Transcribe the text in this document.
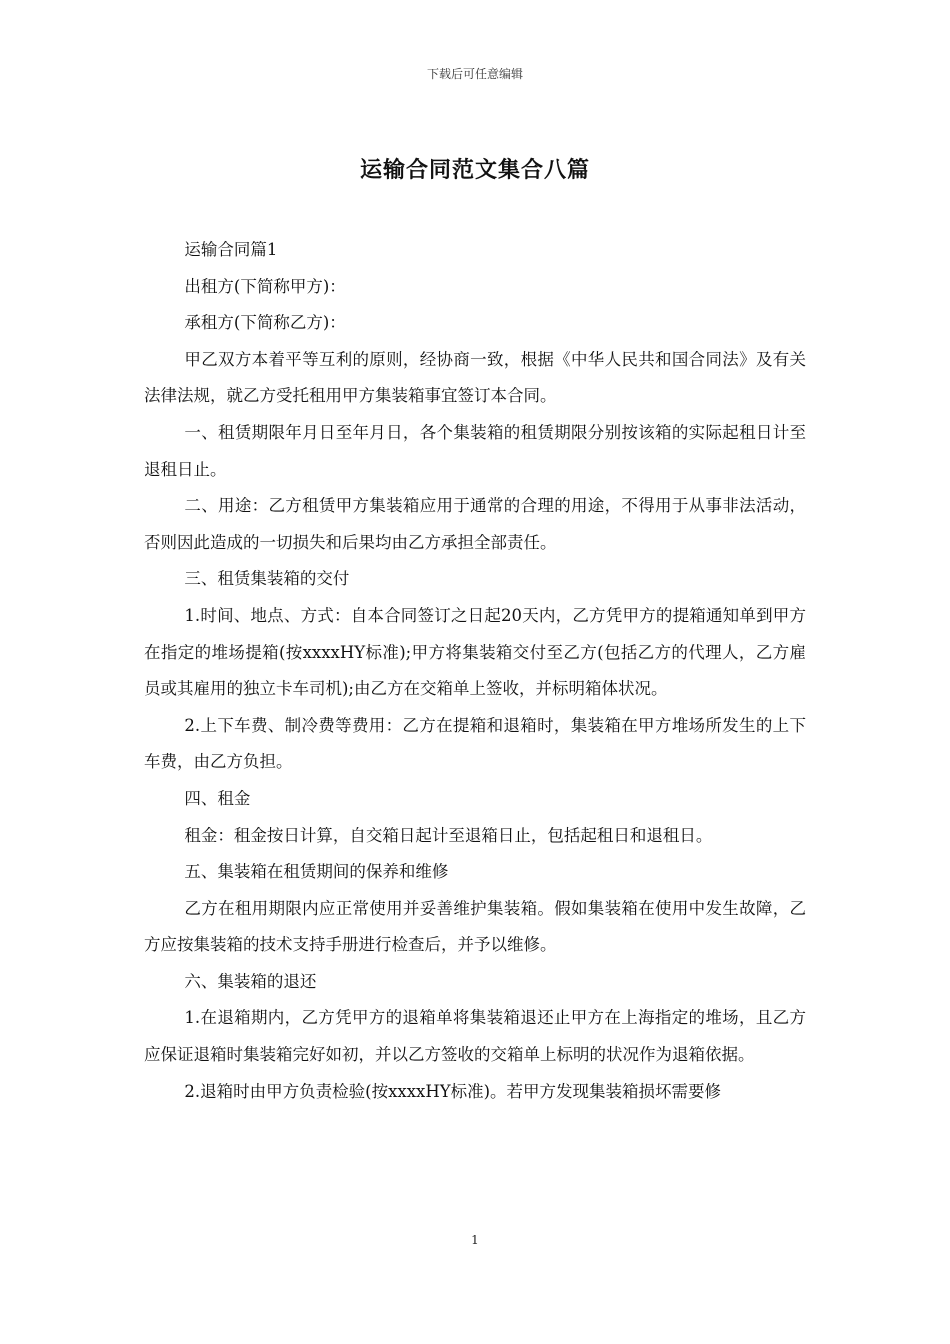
下载后可任意编辑
运输合同范文集合八篇

运输合同篇1

出租方(下简称甲方)：

承租方(下简称乙方)：

甲乙双方本着平等互利的原则，经协商一致，根据《中华人民共和国合同法》及有关法律法规，就乙方受托租用甲方集装箱事宜签订本合同。

一、租赁期限年月日至年月日，各个集装箱的租赁期限分别按该箱的实际起租日计至退租日止。

二、用途：乙方租赁甲方集装箱应用于通常的合理的用途，不得用于从事非法活动，否则因此造成的一切损失和后果均由乙方承担全部责任。

三、租赁集装箱的交付

1.时间、地点、方式：自本合同签订之日起20天内，乙方凭甲方的提箱通知单到甲方在指定的堆场提箱(按xxxxHY标准);甲方将集装箱交付至乙方(包括乙方的代理人，乙方雇员或其雇用的独立卡车司机);由乙方在交箱单上签收，并标明箱体状况。

2.上下车费、制冷费等费用：乙方在提箱和退箱时，集装箱在甲方堆场所发生的上下车费，由乙方负担。

四、租金

租金：租金按日计算，自交箱日起计至退箱日止，包括起租日和退租日。

五、集装箱在租赁期间的保养和维修

乙方在租用期限内应正常使用并妥善维护集装箱。假如集装箱在使用中发生故障，乙方应按集装箱的技术支持手册进行检查后，并予以维修。

六、集装箱的退还

1.在退箱期内，乙方凭甲方的退箱单将集装箱退还止甲方在上海指定的堆场，且乙方应保证退箱时集装箱完好如初，并以乙方签收的交箱单上标明的状况作为退箱依据。

2.退箱时由甲方负责检验(按xxxxHY标准)。若甲方发现集装箱损坏需要修

1
